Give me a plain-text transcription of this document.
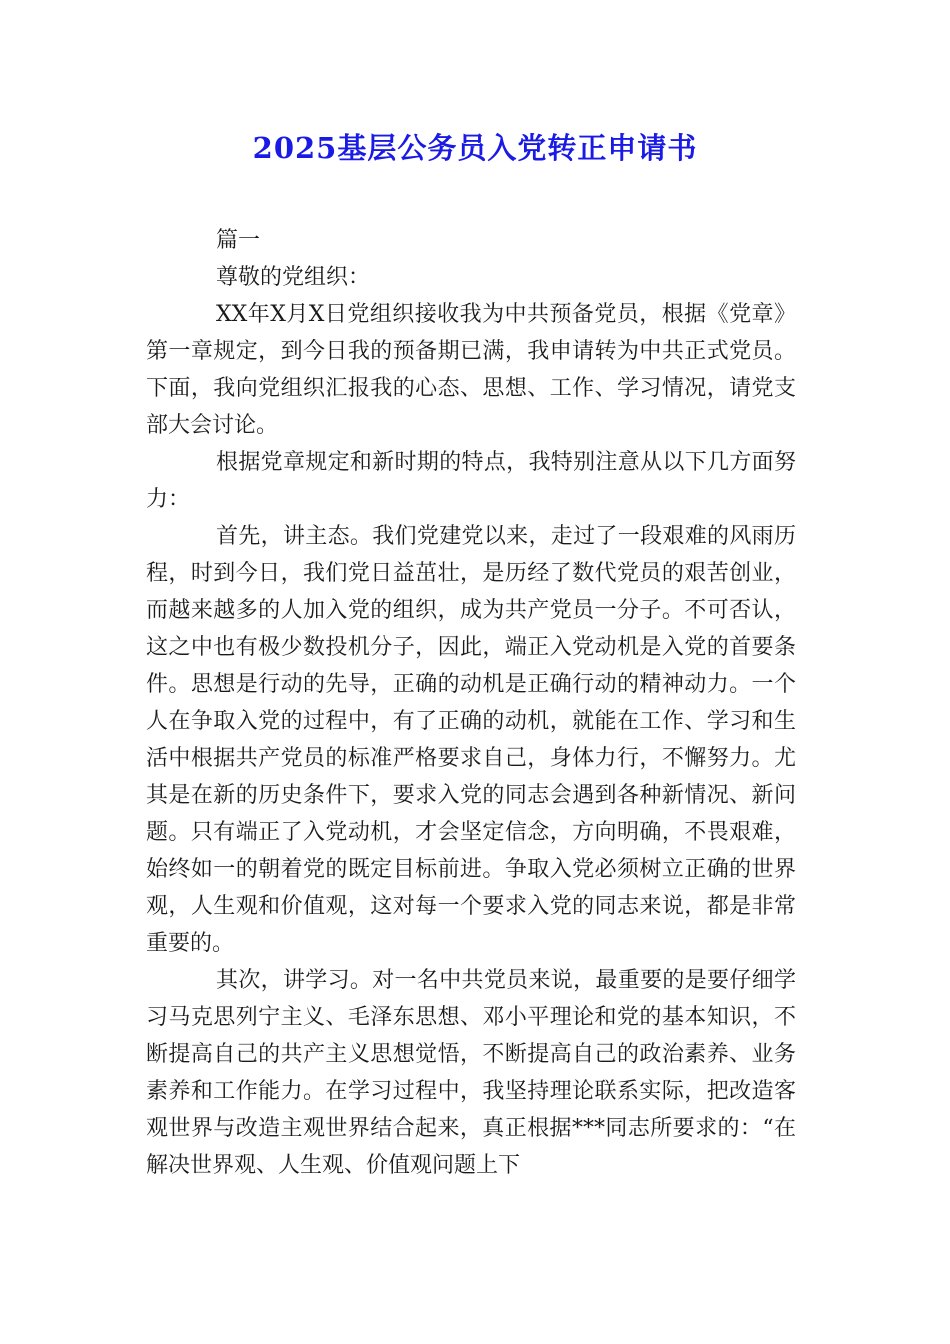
2025基层公务员入党转正申请书

篇一

尊敬的党组织：

XX年X月X日党组织接收我为中共预备党员，根据《党章》第一章规定，到今日我的预备期已满，我申请转为中共正式党员。下面，我向党组织汇报我的心态、思想、工作、学习情况，请党支部大会讨论。

根据党章规定和新时期的特点，我特别注意从以下几方面努力：

首先，讲主态。我们党建党以来，走过了一段艰难的风雨历程，时到今日，我们党日益茁壮，是历经了数代党员的艰苦创业，而越来越多的人加入党的组织，成为共产党员一分子。不可否认，这之中也有极少数投机分子，因此，端正入党动机是入党的首要条件。思想是行动的先导，正确的动机是正确行动的精神动力。一个人在争取入党的过程中，有了正确的动机，就能在工作、学习和生活中根据共产党员的标准严格要求自己，身体力行，不懈努力。尤其是在新的历史条件下，要求入党的同志会遇到各种新情况、新问题。只有端正了入党动机，才会坚定信念，方向明确，不畏艰难，始终如一的朝着党的既定目标前进。争取入党必须树立正确的世界观，人生观和价值观，这对每一个要求入党的同志来说，都是非常重要的。

其次，讲学习。对一名中共党员来说，最重要的是要仔细学习马克思列宁主义、毛泽东思想、邓小平理论和党的基本知识，不断提高自己的共产主义思想觉悟，不断提高自己的政治素养、业务素养和工作能力。在学习过程中，我坚持理论联系实际，把改造客观世界与改造主观世界结合起来，真正根据***同志所要求的：“在解决世界观、人生观、价值观问题上下
